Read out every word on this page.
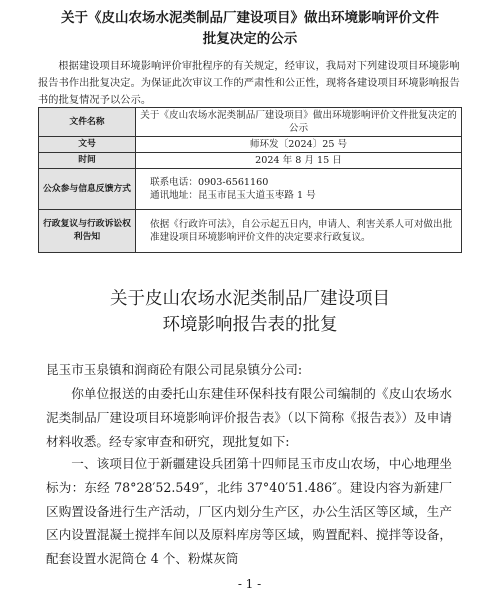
关于《皮山农场水泥类制品厂建设项目》做出环境影响评价文件
批复决定的公示
根据建设项目环境影响评价审批程序的有关规定，经审议，我局对下列建设项目环境影响报告书作出批复决定。为保证此次审议工作的严肃性和公正性，现将各建设项目环境影响报告书的批复情况予以公示。
文件名称	关于《皮山农场水泥类制品厂建设项目》做出环境影响评价文件批复决定的公示
文号	师环发〔2024〕25 号
时间	2024 年 8 月 15 日
公众参与信息反馈方式	联系电话：0903-6561160
通讯地址：昆玉市昆玉大道玉枣路 1 号

行政复议与行政诉讼权利告知	依据《行政许可法》，自公示起五日内，申请人、利害关系人可对做出批准建设项目环境影响评价文件的决定要求行政复议。
关于皮山农场水泥类制品厂建设项目
环境影响报告表的批复
昆玉市玉泉镇和润商砼有限公司昆泉镇分公司:
你单位报送的由委托山东建佳环保科技有限公司编制的《皮山农场水泥类制品厂建设项目环境影响评价报告表》（以下简称《报告表》）及申请材料收悉。经专家审查和研究，现批复如下:
一、该项目位于新疆建设兵团第十四师昆玉市皮山农场，中心地理坐标为：东经 78°28′52.549″，北纬 37°40′51.486″。建设内容为新建厂区购置设备进行生产活动，厂区内划分生产区，办公生活区等区域，生产区内设置混凝土搅拌车间以及原料库房等区域，购置配料、搅拌等设备，配套设置水泥筒仓 4 个、粉煤灰筒
- 1 -
